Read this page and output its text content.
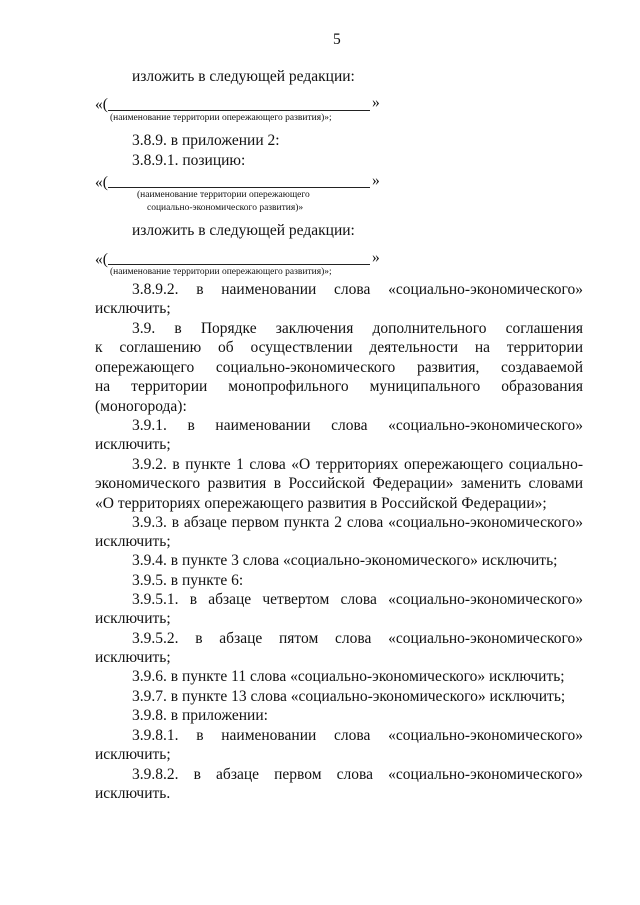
5
изложить в следующей редакции:
«(	»
(наименование территории опережающего развития)»;
3.8.9. в приложении 2:
3.8.9.1. позицию:
«(	»
(наименование территории опережающего
социально-экономического развития)»
изложить в следующей редакции:
«(	»
(наименование территории опережающего развития)»;
3.8.9.2. в наименовании слова «социально-экономического»
исключить;
3.9. в Порядке заключения дополнительного соглашения
к соглашению об осуществлении деятельности на территории
опережающего социально-экономического развития, создаваемой
на территории монопрофильного муниципального образования
(моногорода):
3.9.1. в наименовании слова «социально-экономического»
исключить;
3.9.2. в пункте 1 слова «О территориях опережающего социально-
экономического развития в Российской Федерации» заменить словами
«О территориях опережающего развития в Российской Федерации»;
3.9.3. в абзаце первом пункта 2 слова «социально-экономического»
исключить;
3.9.4. в пункте 3 слова «социально-экономического» исключить;
3.9.5. в пункте 6:
3.9.5.1. в абзаце четвертом слова «социально-экономического»
исключить;
3.9.5.2. в абзаце пятом слова «социально-экономического»
исключить;
3.9.6. в пункте 11 слова «социально-экономического» исключить;
3.9.7. в пункте 13 слова «социально-экономического» исключить;
3.9.8. в приложении:
3.9.8.1. в наименовании слова «социально-экономического»
исключить;
3.9.8.2. в абзаце первом слова «социально-экономического»
исключить.
